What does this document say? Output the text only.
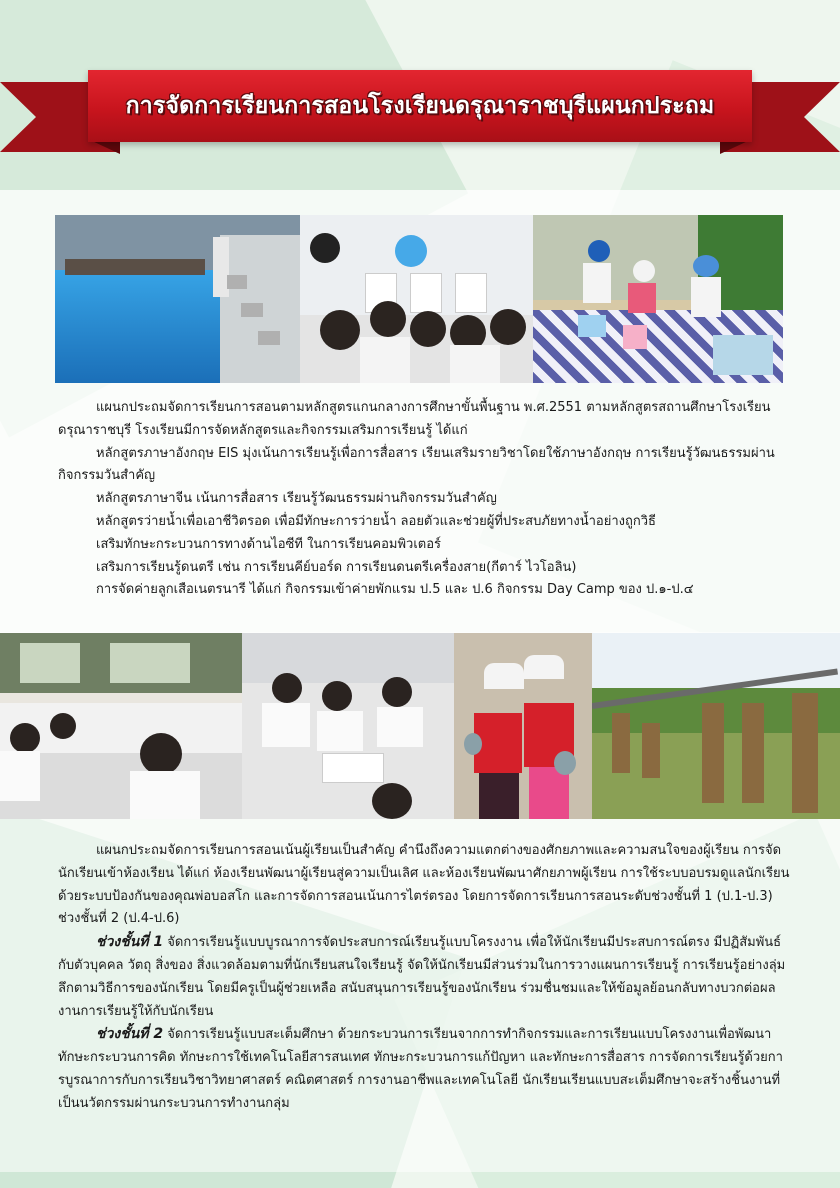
การจัดการเรียนการสอนโรงเรียนดรุณาราชบุรีแผนกประถม

แผนกประถมจัดการเรียนการสอนตามหลักสูตรแกนกลางการศึกษาขั้นพื้นฐาน พ.ศ.2551 ตามหลักสูตรสถานศึกษาโรงเรียนดรุณาราชบุรี โรงเรียนมีการจัดหลักสูตรและกิจกรรมเสริมการเรียนรู้ ได้แก่

หลักสูตรภาษาอังกฤษ EIS มุ่งเน้นการเรียนรู้เพื่อการสื่อสาร เรียนเสริมรายวิชาโดยใช้ภาษาอังกฤษ การเรียนรู้วัฒนธรรมผ่านกิจกรรมวันสำคัญ

หลักสูตรภาษาจีน เน้นการสื่อสาร เรียนรู้วัฒนธรรมผ่านกิจกรรมวันสำคัญ

หลักสูตรว่ายน้ำเพื่อเอาชีวิตรอด เพื่อมีทักษะการว่ายน้ำ ลอยตัวและช่วยผู้ที่ประสบภัยทางน้ำอย่างถูกวิธี

เสริมทักษะกระบวนการทางด้านไอซีที ในการเรียนคอมพิวเตอร์

เสริมการเรียนรู้ดนตรี เช่น การเรียนคีย์บอร์ด การเรียนดนตรีเครื่องสาย(กีตาร์ ไวโอลิน)

การจัดค่ายลูกเสือเนตรนารี ได้แก่ กิจกรรมเข้าค่ายพักแรม ป.5 และ ป.6 กิจกรรม Day Camp ของ ป.๑-ป.๔

แผนกประถมจัดการเรียนการสอนเน้นผู้เรียนเป็นสำคัญ คำนึงถึงความแตกต่างของศักยภาพและความสนใจของผู้เรียน การจัดนักเรียนเข้าห้องเรียน ได้แก่ ห้องเรียนพัฒนาผู้เรียนสู่ความเป็นเลิศ และห้องเรียนพัฒนาศักยภาพผู้เรียน การใช้ระบบอบรมดูแลนักเรียนด้วยระบบป้องกันของคุณพ่อบอสโก และการจัดการสอนเน้นการไตร่ตรอง โดยการจัดการเรียนการสอนระดับช่วงชั้นที่ 1 (ป.1-ป.3) ช่วงชั้นที่ 2 (ป.4-ป.6)

ช่วงชั้นที่ 1 จัดการเรียนรู้แบบบูรณาการจัดประสบการณ์เรียนรู้แบบโครงงาน เพื่อให้นักเรียนมีประสบการณ์ตรง มีปฏิสัมพันธ์กับตัวบุคคล วัตถุ สิ่งของ สิ่งแวดล้อมตามที่นักเรียนสนใจเรียนรู้ จัดให้นักเรียนมีส่วนร่วมในการวางแผนการเรียนรู้ การเรียนรู้อย่างลุ่มลึกตามวิธีการของนักเรียน โดยมีครูเป็นผู้ช่วยเหลือ สนับสนุนการเรียนรู้ของนักเรียน ร่วมชื่นชมและให้ข้อมูลย้อนกลับทางบวกต่อผลงานการเรียนรู้ให้กับนักเรียน

ช่วงชั้นที่ 2 จัดการเรียนรู้แบบสะเต็มศึกษา ด้วยกระบวนการเรียนจากการทำกิจกรรมและการเรียนแบบโครงงานเพื่อพัฒนาทักษะกระบวนการคิด ทักษะการใช้เทคโนโลยีสารสนเทศ ทักษะกระบวนการแก้ปัญหา และทักษะการสื่อสาร การจัดการเรียนรู้ด้วยการบูรณาการกับการเรียนวิชาวิทยาศาสตร์ คณิตศาสตร์ การงานอาชีพและเทคโนโลยี นักเรียนเรียนแบบสะเต็มศึกษาจะสร้างชิ้นงานที่เป็นนวัตกรรมผ่านกระบวนการทำงานกลุ่ม
